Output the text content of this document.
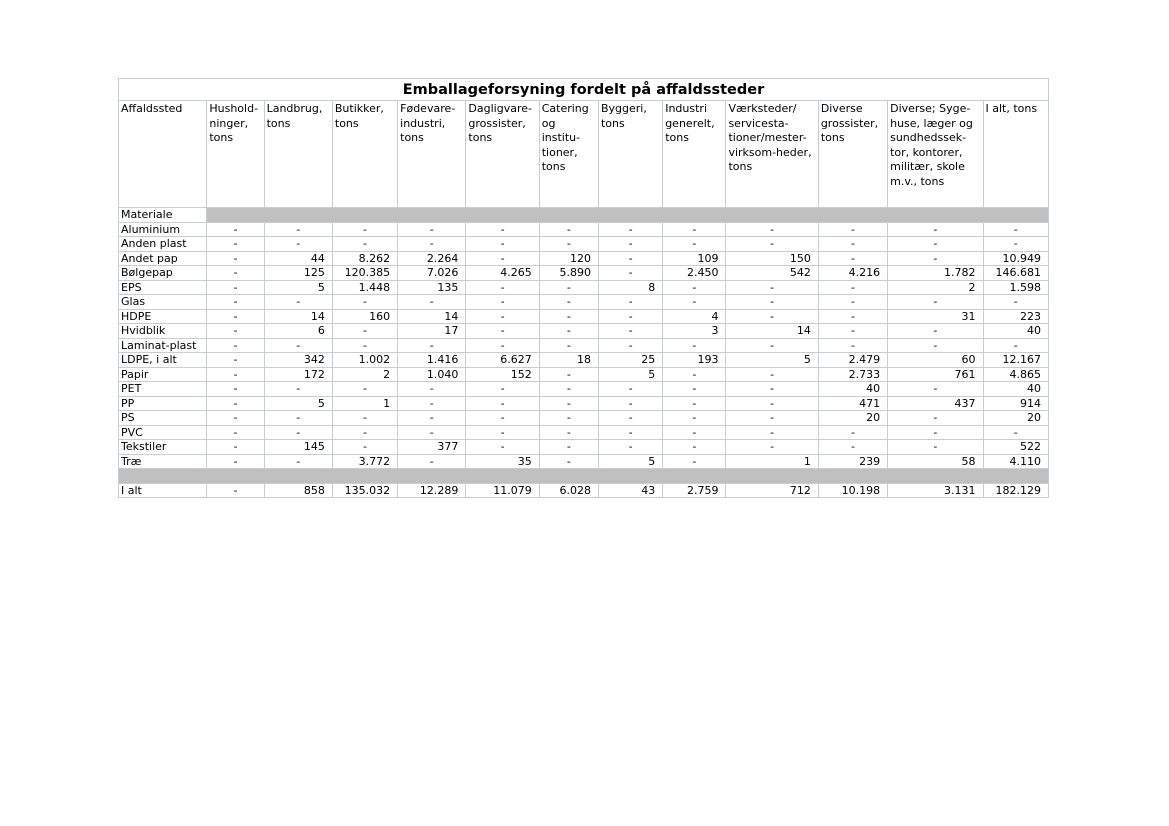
Emballageforsyning fordelt på affaldssteder												
Affaldssted	Hushold-ninger, tons	Landbrug, tons	Butikker, tons	Fødevare-industri, tons	Dagligvare-grossister, tons	Catering og institu-tioner, tons	Byggeri, tons	Industri generelt, tons	Værksteder/ servicesta-tioner/mester-virksom-heder, tons	Diverse grossister, tons	Diverse; Syge-huse, læger og sundhedssek-tor, kontorer, militær, skole m.v., tons	I alt, tons
Materiale												
Aluminium	-	-	-	-	-	-	-	-	-	-	-	-
Anden plast	-	-	-	-	-	-	-	-	-	-	-	-
Andet pap	-	44	8.262	2.264	-	120	-	109	150	-	-	10.949
Bølgepap	-	125	120.385	7.026	4.265	5.890	-	2.450	542	4.216	1.782	146.681
EPS	-	5	1.448	135	-	-	8	-	-	-	2	1.598
Glas	-	-	-	-	-	-	-	-	-	-	-	-
HDPE	-	14	160	14	-	-	-	4	-	-	31	223
Hvidblik	-	6	-	17	-	-	-	3	14	-	-	40
Laminat-plast	-	-	-	-	-	-	-	-	-	-	-	-
LDPE, i alt	-	342	1.002	1.416	6.627	18	25	193	5	2.479	60	12.167
Papir	-	172	2	1.040	152	-	5	-	-	2.733	761	4.865
PET	-	-	-	-	-	-	-	-	-	40	-	40
PP	-	5	1	-	-	-	-	-	-	471	437	914
PS	-	-	-	-	-	-	-	-	-	20	-	20
PVC	-	-	-	-	-	-	-	-	-	-	-	-
Tekstiler	-	145	-	377	-	-	-	-	-	-	-	522
Træ	-	-	3.772	-	35	-	5	-	1	239	58	4.110

I alt	-	858	135.032	12.289	11.079	6.028	43	2.759	712	10.198	3.131	182.129
